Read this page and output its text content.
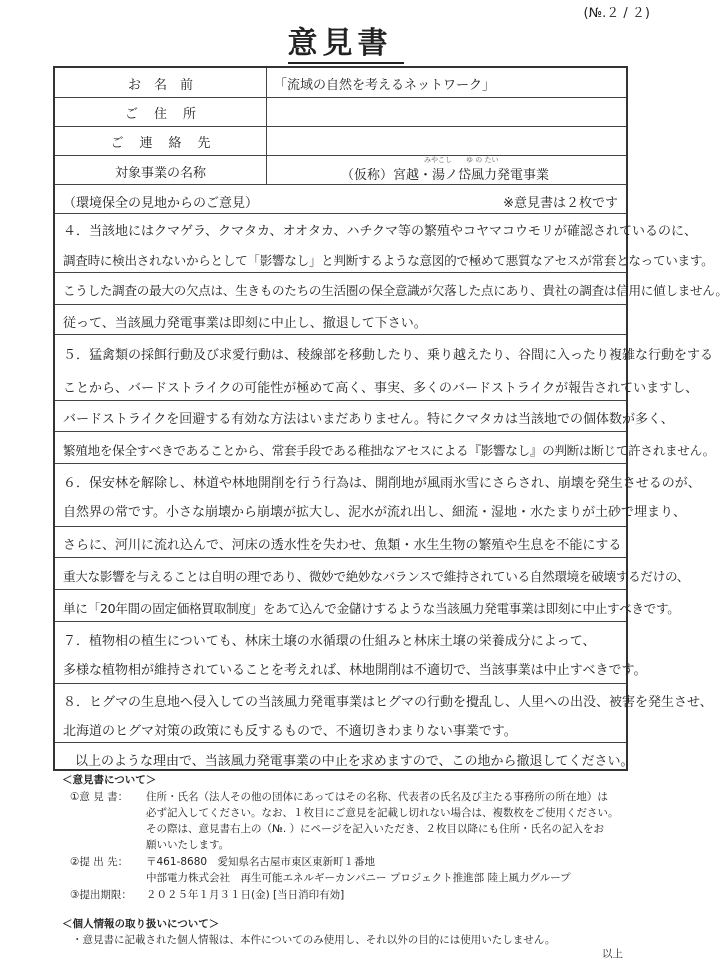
(№.２ / ２)
意見書
お　名　前	「流域の自然を考えるネットワーク」
ご住所
ご連絡先
対象事業の名称
みやこし ゆ の たい
（仮称）宮越・湯ノ岱風力発電事業
（環境保全の見地からのご意見）	※意見書は２枚です
４．当該地にはクマゲラ、クマタカ、オオタカ、ハチクマ等の繁殖やコヤマコウモリが確認されているのに、
調査時に検出されないからとして「影響なし」と判断するような意図的で極めて悪質なアセスが常套となっています。
こうした調査の最大の欠点は、生きものたちの生活圏の保全意識が欠落した点にあり、貴社の調査は信用に値しません。
従って、当該風力発電事業は即刻に中止し、撤退して下さい。
５．猛禽類の採餌行動及び求愛行動は、稜線部を移動したり、乗り越えたり、谷間に入ったり複雑な行動をする
ことから、バードストライクの可能性が極めて高く、事実、多くのバードストライクが報告されていますし、
バードストライクを回避する有効な方法はいまだありません。特にクマタカは当該地での個体数が多く、
繁殖地を保全すべきであることから、常套手段である稚拙なアセスによる『影響なし』の判断は断じて許されません。
６．保安林を解除し、林道や林地開削を行う行為は、開削地が風雨氷雪にさらされ、崩壊を発生させるのが、
自然界の常です。小さな崩壊から崩壊が拡大し、泥水が流れ出し、細流・湿地・水たまりが土砂で埋まり、
さらに、河川に流れ込んで、河床の透水性を失わせ、魚類・水生生物の繁殖や生息を不能にする
重大な影響を与えることは自明の理であり、微妙で絶妙なバランスで維持されている自然環境を破壊するだけの、
単に「20年間の固定価格買取制度」をあて込んで金儲けするような当該風力発電事業は即刻に中止すべきです。
７．植物相の植生についても、林床土壌の水循環の仕組みと林床土壌の栄養成分によって、
多様な植物相が維持されていることを考えれば、林地開削は不適切で、当該事業は中止すべきです。
８．ヒグマの生息地へ侵入しての当該風力発電事業はヒグマの行動を攪乱し、人里への出没、被害を発生させ、
北海道のヒグマ対策の政策にも反するもので、不適切きわまりない事業です。
以上のような理由で、当該風力発電事業の中止を求めますので、この地から撤退してください。
＜意見書について＞
①意 見 書： 住所・氏名（法人その他の団体にあってはその名称、代表者の氏名及び主たる事務所の所在地）は
必ず記入してください。なお、１枚目にご意見を記載し切れない場合は、複数枚をご使用ください。
その際は、意見書右上の（№. ）にページを記入いただき、２枚目以降にも住所・氏名の記入をお
願いいたします。
②提 出 先： 〒461-8680　愛知県名古屋市東区東新町１番地
中部電力株式会社　再生可能エネルギーカンパニー プロジェクト推進部 陸上風力グループ
③提出期限： ２０２５年１月３１日(金) [当日消印有効]
＜個人情報の取り扱いについて＞
・意見書に記載された個人情報は、本件についてのみ使用し、それ以外の目的には使用いたしません。
以上
